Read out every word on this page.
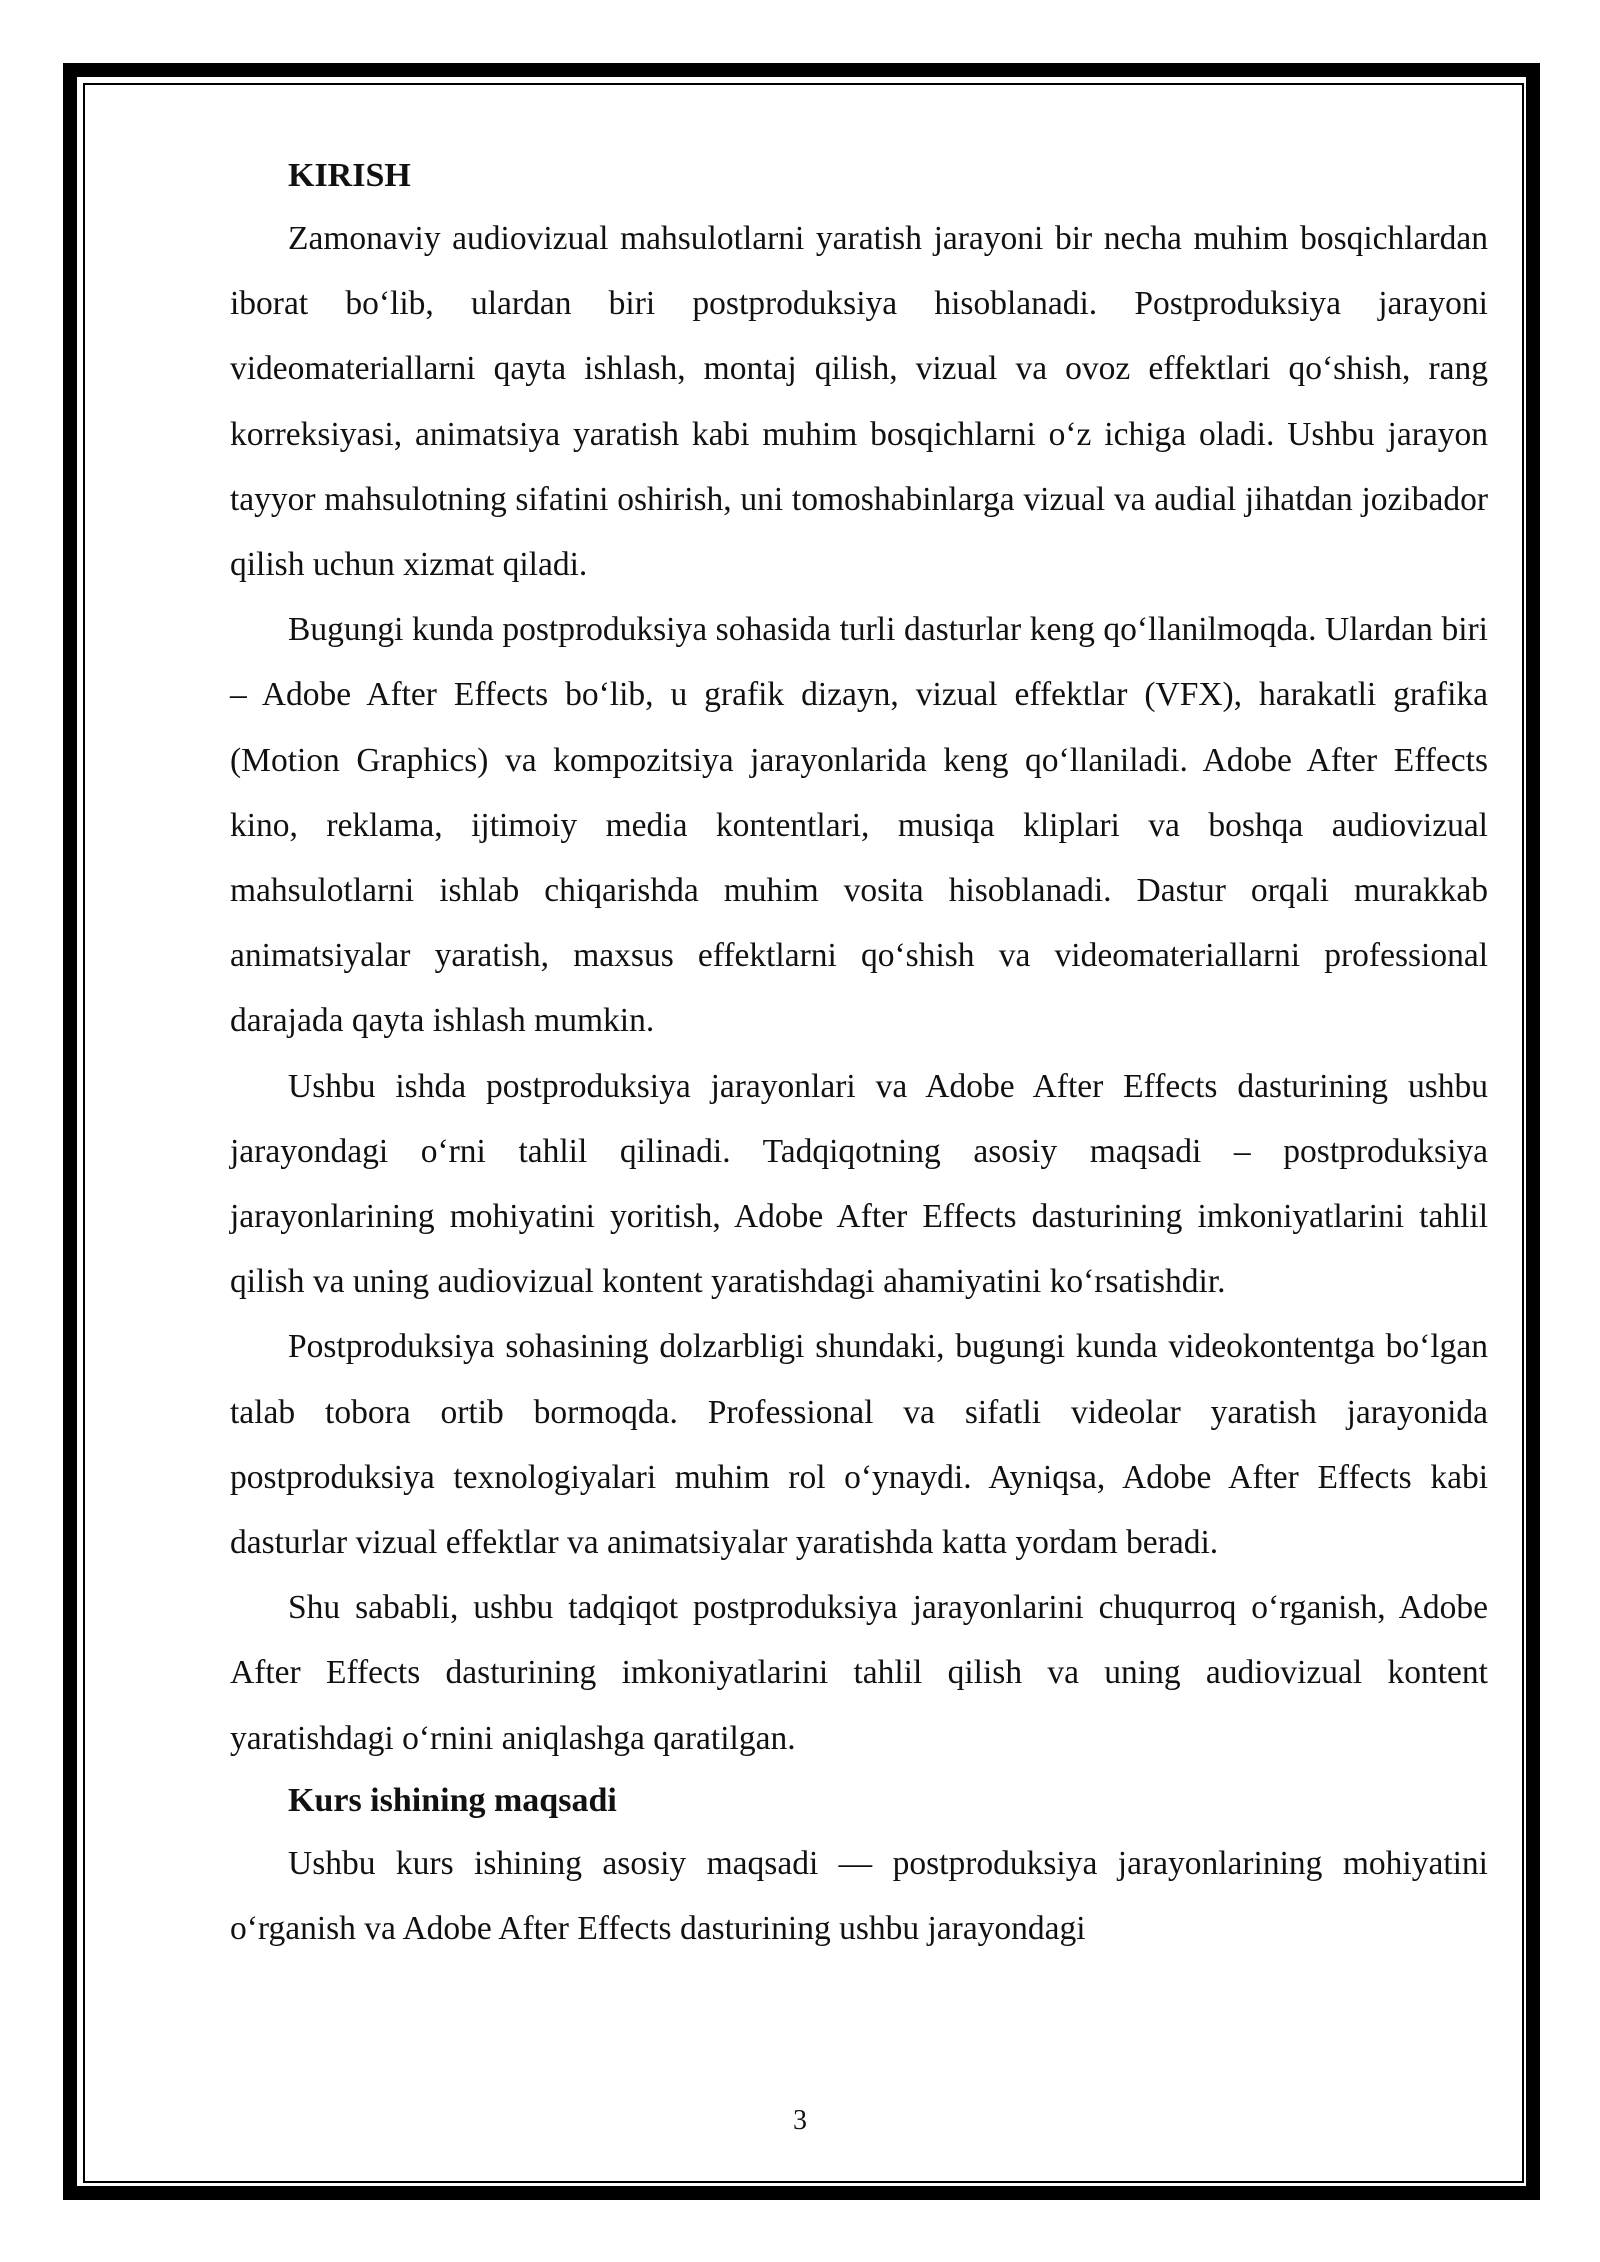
KIRISH

Zamonaviy audiovizual mahsulotlarni yaratish jarayoni bir necha muhim bosqichlardan iborat bo‘lib, ulardan biri postproduksiya hisoblanadi. Postproduksiya jarayoni videomateriallarni qayta ishlash, montaj qilish, vizual va ovoz effektlari qo‘shish, rang korreksiyasi, animatsiya yaratish kabi muhim bosqichlarni o‘z ichiga oladi. Ushbu jarayon tayyor mahsulotning sifatini oshirish, uni tomoshabinlarga vizual va audial jihatdan jozibador qilish uchun xizmat qiladi.

Bugungi kunda postproduksiya sohasida turli dasturlar keng qo‘llanilmoqda. Ulardan biri – Adobe After Effects bo‘lib, u grafik dizayn, vizual effektlar (VFX), harakatli grafika (Motion Graphics) va kompozitsiya jarayonlarida keng qo‘llaniladi. Adobe After Effects kino, reklama, ijtimoiy media kontentlari, musiqa kliplari va boshqa audiovizual mahsulotlarni ishlab chiqarishda muhim vosita hisoblanadi. Dastur orqali murakkab animatsiyalar yaratish, maxsus effektlarni qo‘shish va videomateriallarni professional darajada qayta ishlash mumkin.

Ushbu ishda postproduksiya jarayonlari va Adobe After Effects dasturining ushbu jarayondagi o‘rni tahlil qilinadi. Tadqiqotning asosiy maqsadi – postproduksiya jarayonlarining mohiyatini yoritish, Adobe After Effects dasturining imkoniyatlarini tahlil qilish va uning audiovizual kontent yaratishdagi ahamiyatini ko‘rsatishdir.

Postproduksiya sohasining dolzarbligi shundaki, bugungi kunda videokontentga bo‘lgan talab tobora ortib bormoqda. Professional va sifatli videolar yaratish jarayonida postproduksiya texnologiyalari muhim rol o‘ynaydi. Ayniqsa, Adobe After Effects kabi dasturlar vizual effektlar va animatsiyalar yaratishda katta yordam beradi.

Shu sababli, ushbu tadqiqot postproduksiya jarayonlarini chuqurroq o‘rganish, Adobe After Effects dasturining imkoniyatlarini tahlil qilish va uning audiovizual kontent yaratishdagi o‘rnini aniqlashga qaratilgan.

Kurs ishining maqsadi

Ushbu kurs ishining asosiy maqsadi — postproduksiya jarayonlarining mohiyatini o‘rganish va Adobe After Effects dasturining ushbu jarayondagi

3
